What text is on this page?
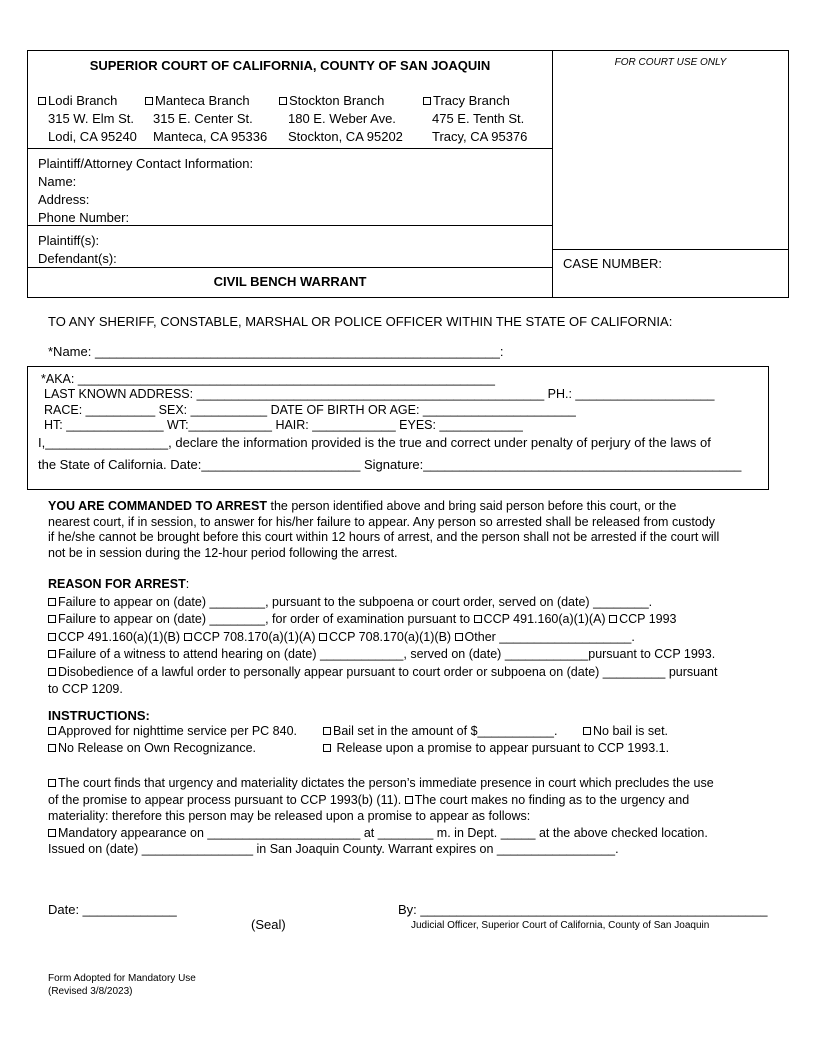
SUPERIOR COURT OF CALIFORNIA, COUNTY OF SAN JOAQUIN	FOR COURT USE ONLY
Lodi Branch
315 W. Elm St.
Lodi, CA 95240
Manteca Branch
315 E. Center St.
Manteca, CA 95336
Stockton Branch
180 E. Weber Ave.
Stockton, CA 95202
Tracy Branch
475 E. Tenth St.
Tracy, CA 95376
Plaintiff/Attorney Contact Information:
Name:
Address:
Phone Number:
Plaintiff(s):
Defendant(s):	CASE NUMBER:
CIVIL BENCH WARRANT
TO ANY SHERIFF, CONSTABLE, MARSHAL OR POLICE OFFICER WITHIN THE STATE OF CALIFORNIA:
*Name: ________________________________________________________:
*AKA: ____________________________________________________________
LAST KNOWN ADDRESS: __________________________________________________ PH.: ____________________
RACE: __________ SEX: ___________ DATE OF BIRTH OR AGE: ______________________
HT: ______________ WT:____________ HAIR: ____________ EYES: ____________
I,_________________, declare the information provided is the true and correct under penalty of perjury of the laws of
the State of California. Date:______________________ Signature:____________________________________________
YOU ARE COMMANDED TO ARREST the person identified above and bring said person before this court, or the
nearest court, if in session, to answer for his/her failure to appear. Any person so arrested shall be released from custody
if he/she cannot be brought before this court within 12 hours of arrest, and the person shall not be arrested if the court will
not be in session during the 12-hour period following the arrest.
REASON FOR ARREST:
Failure to appear on (date) ________, pursuant to the subpoena or court order, served on (date) ________.
Failure to appear on (date) ________, for order of examination pursuant to CCP 491.160(a)(1)(A) CCP 1993
CCP 491.160(a)(1)(B) CCP 708.170(a)(1)(A) CCP 708.170(a)(1)(B) Other ___________________.
Failure of a witness to attend hearing on (date) ____________, served on (date) ____________pursuant to CCP 1993.
Disobedience of a lawful order to personally appear pursuant to court order or subpoena on (date) _________ pursuant
to CCP 1209.
INSTRUCTIONS:
Approved for nighttime service per PC 840.	Bail set in the amount of $___________.	No bail is set.
No Release on Own Recognizance.	Release upon a promise to appear pursuant to CCP 1993.1.
The court finds that urgency and materiality dictates the person’s immediate presence in court which precludes the use
of the promise to appear process pursuant to CCP 1993(b) (11). The court makes no finding as to the urgency and
materiality: therefore this person may be released upon a promise to appear as follows:
Mandatory appearance on ______________________ at ________ m. in Dept. _____ at the above checked location.
Issued on (date) ________________ in San Joaquin County. Warrant expires on _________________.
Date: _____________
(Seal)
By: ________________________________________________
Judicial Officer, Superior Court of California, County of San Joaquin
Form Adopted for Mandatory Use
(Revised 3/8/2023)
